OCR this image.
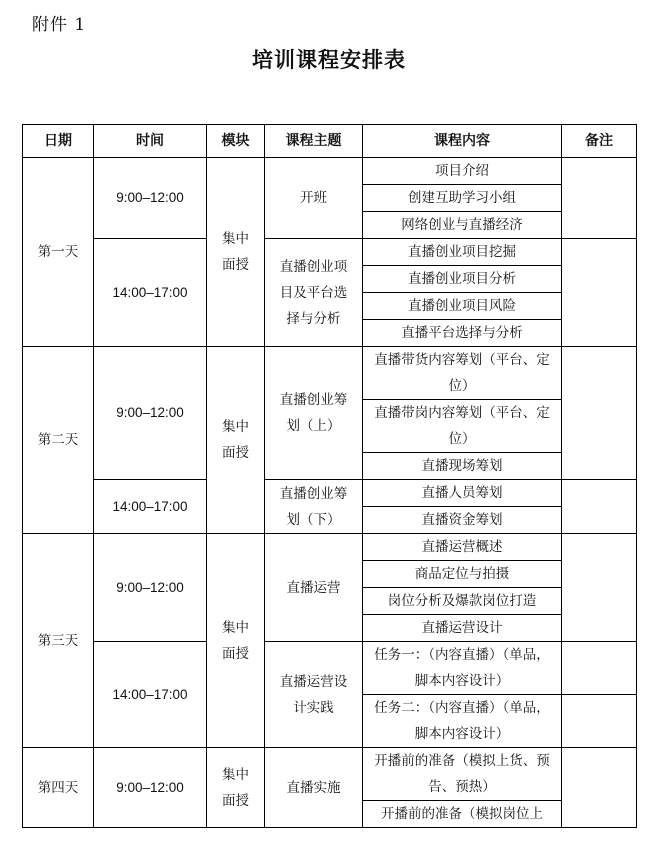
附件 1
培训课程安排表
日期	时间	模块	课程主题	课程内容	备注
第一天	9:00–12:00	集中面授	开班	项目介绍	
				创建互助学习小组	
				网络创业与直播经济	
	14:00–17:00		直播创业项目及平台选择与分析	直播创业项目挖掘	
				直播创业项目分析	
				直播创业项目风险	
				直播平台选择与分析	
第二天	9:00–12:00	集中面授	直播创业筹划（上）	直播带货内容筹划（平台、定位）	

				直播带岗内容筹划（平台、定位）	

				直播现场筹划	
	14:00–17:00		直播创业筹划（下）	直播人员筹划	
				直播资金筹划	
第三天	9:00–12:00	集中面授	直播运营	直播运营概述	
				商品定位与拍摄	
				岗位分析及爆款岗位打造	
				直播运营设计	
	14:00–17:00		直播运营设计实践	任务一：（内容直播）（单品，脚本内容设计）	

				任务二：（内容直播）（单品，脚本内容设计）	

第四天	9:00–12:00	集中面授	直播实施	开播前的准备（模拟上货、预告、预热）	

				开播前的准备（模拟岗位上	
